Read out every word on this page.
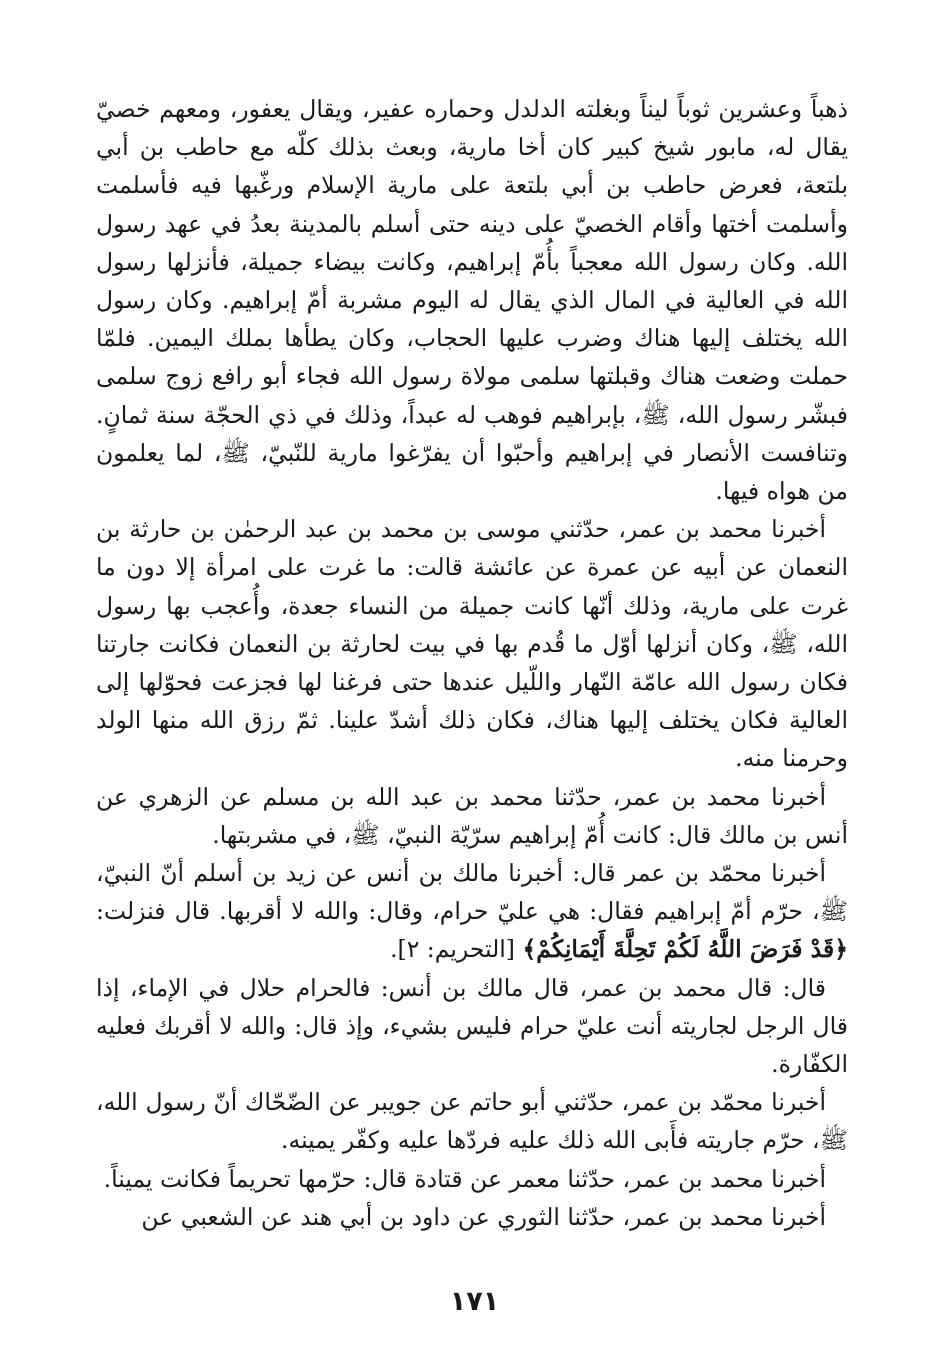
ذهباً وعشرين ثوباً ليناً وبغلته الدلدل وحماره عفير، ويقال يعفور، ومعهم خصيّ يقال له، مابور شيخ كبير كان أخا مارية، وبعث بذلك كلّه مع حاطب بن أبي بلتعة، فعرض حاطب بن أبي بلتعة على مارية الإسلام ورغّبها فيه فأسلمت وأسلمت أختها وأقام الخصيّ على دينه حتى أسلم بالمدينة بعدُ في عهد رسول الله. وكان رسول الله معجباً بأُمّ إبراهيم، وكانت بيضاء جميلة، فأنزلها رسول الله في العالية في المال الذي يقال له اليوم مشربة أمّ إبراهيم. وكان رسول الله يختلف إليها هناك وضرب عليها الحجاب، وكان يطأها بملك اليمين. فلمّا حملت وضعت هناك وقبلتها سلمى مولاة رسول الله فجاء أبو رافع زوج سلمى فبشّر رسول الله، ﷺ، بإبراهيم فوهب له عبداً، وذلك في ذي الحجّة سنة ثمانٍ. وتنافست الأنصار في إبراهيم وأحبّوا أن يفرّغوا مارية للنّبيّ، ﷺ، لما يعلمون من هواه فيها.

أخبرنا محمد بن عمر، حدّثني موسى بن محمد بن عبد الرحمٰن بن حارثة بن النعمان عن أبيه عن عمرة عن عائشة قالت: ما غرت على امرأة إلا دون ما غرت على مارية، وذلك أنّها كانت جميلة من النساء جعدة، وأُعجب بها رسول الله، ﷺ، وكان أنزلها أوّل ما قُدم بها في بيت لحارثة بن النعمان فكانت جارتنا فكان رسول الله عامّة النّهار واللّيل عندها حتى فرغنا لها فجزعت فحوّلها إلى العالية فكان يختلف إليها هناك، فكان ذلك أشدّ علينا. ثمّ رزق الله منها الولد وحرمنا منه.

أخبرنا محمد بن عمر، حدّثنا محمد بن عبد الله بن مسلم عن الزهري عن أنس بن مالك قال: كانت أُمّ إبراهيم سرّيّة النبيّ، ﷺ، في مشربتها.

أخبرنا محمّد بن عمر قال: أخبرنا مالك بن أنس عن زيد بن أسلم أنّ النبيّ، ﷺ، حرّم أمّ إبراهيم فقال: هي عليّ حرام، وقال: والله لا أقربها. قال فنزلت: ﴿قَدْ فَرَضَ اللَّهُ لَكُمْ تَحِلَّةَ أَيْمَانِكُمْ﴾ [التحريم: ٢].

قال: قال محمد بن عمر، قال مالك بن أنس: فالحرام حلال في الإماء، إذا قال الرجل لجاريته أنت عليّ حرام فليس بشيء، وإذ قال: والله لا أقربك فعليه الكفّارة.

أخبرنا محمّد بن عمر، حدّثني أبو حاتم عن جويبر عن الضّحّاك أنّ رسول الله، ﷺ، حرّم جاريته فأَبى الله ذلك عليه فردّها عليه وكفّر يمينه.

أخبرنا محمد بن عمر، حدّثنا معمر عن قتادة قال: حرّمها تحريماً فكانت يميناً.

أخبرنا محمد بن عمر، حدّثنا الثوري عن داود بن أبي هند عن الشعبي عن

١٧١
